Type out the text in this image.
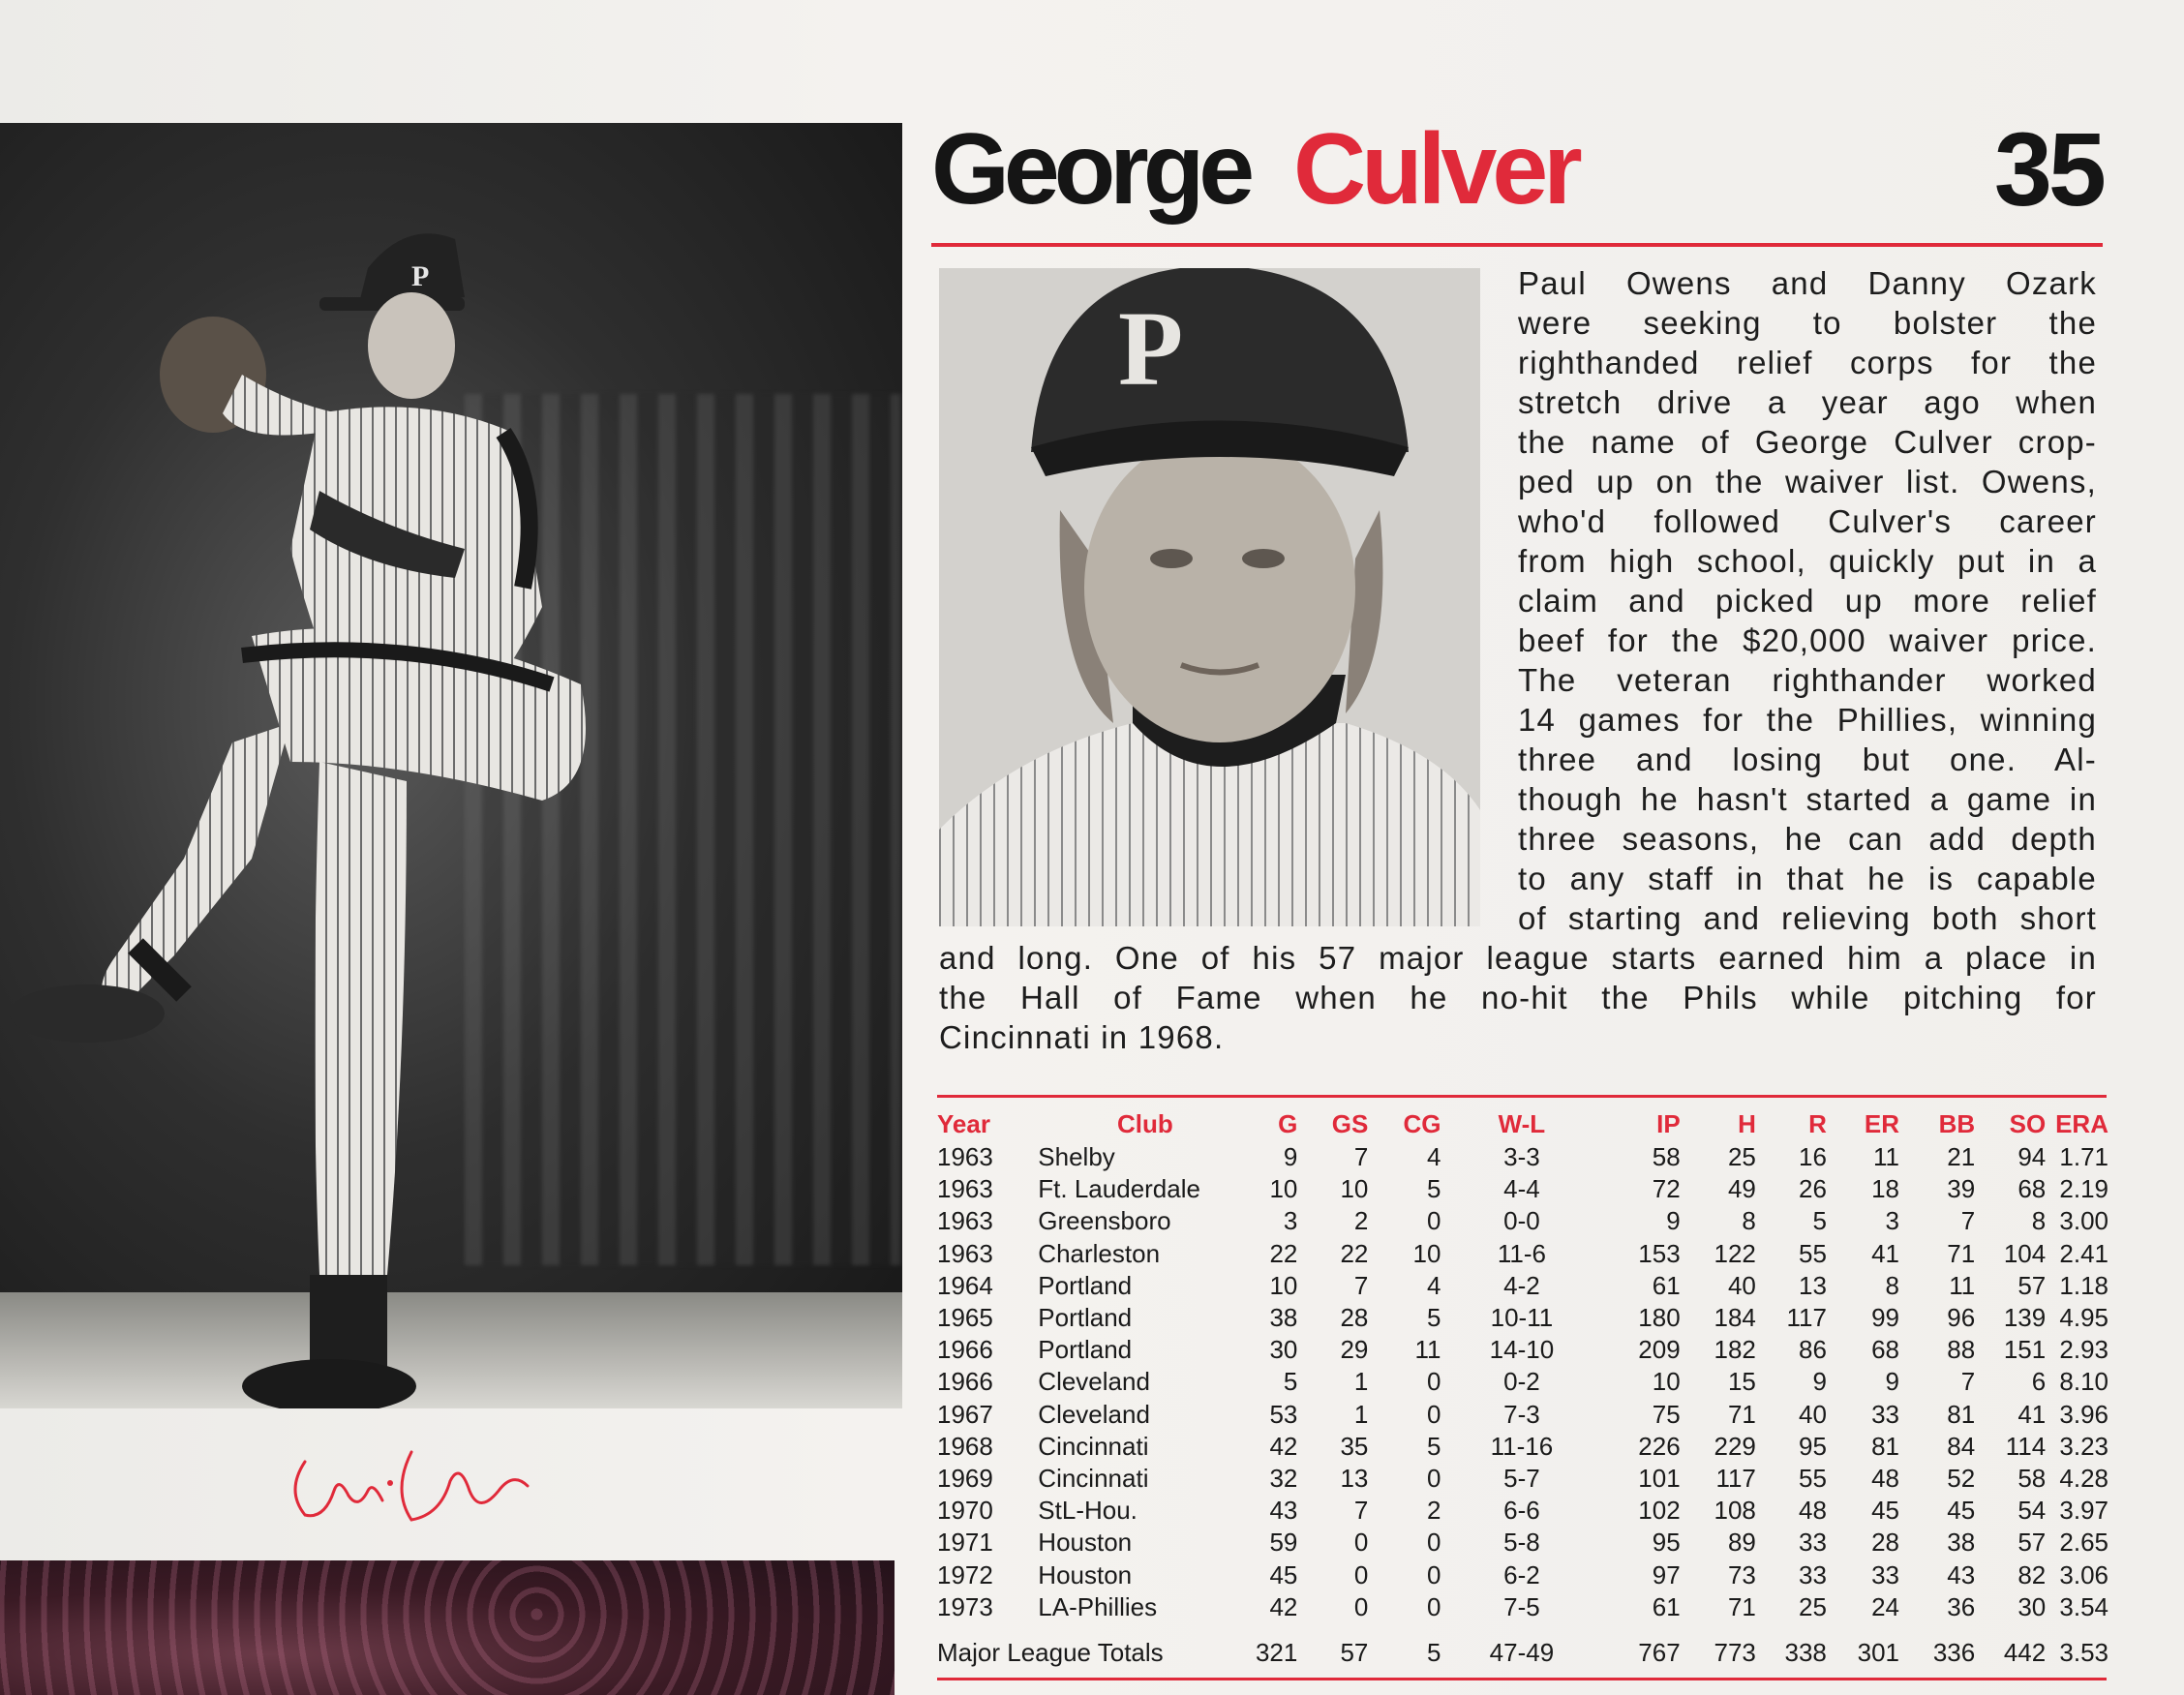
P
George Culver	35
P
Paul Owens and Danny Ozark
were seeking to bolster the
righthanded relief corps for the
stretch drive a year ago when
the name of George Culver crop-
ped up on the waiver list. Owens,
who'd followed Culver's career
from high school, quickly put in a
claim and picked up more relief
beef for the $20,000 waiver price.
The veteran righthander worked
14 games for the Phillies, winning
three and losing but one. Al-
though he hasn't started a game in
three seasons, he can add depth
to any staff in that he is capable
of starting and relieving both short
and long. One of his 57 major league starts earned him a place in
the Hall of Fame when he no-hit the Phils while pitching for
Cincinnati in 1968.
Year	Club	G	GS	CG	W-L	IP	H	R	ER	BB	SO	ERA
1963	Shelby	9	7	4	3-3	58	25	16	11	21	94	1.71
1963	Ft. Lauderdale	10	10	5	4-4	72	49	26	18	39	68	2.19
1963	Greensboro	3	2	0	0-0	9	8	5	3	7	8	3.00
1963	Charleston	22	22	10	11-6	153	122	55	41	71	104	2.41
1964	Portland	10	7	4	4-2	61	40	13	8	11	57	1.18
1965	Portland	38	28	5	10-11	180	184	117	99	96	139	4.95
1966	Portland	30	29	11	14-10	209	182	86	68	88	151	2.93
1966	Cleveland	5	1	0	0-2	10	15	9	9	7	6	8.10
1967	Cleveland	53	1	0	7-3	75	71	40	33	81	41	3.96
1968	Cincinnati	42	35	5	11-16	226	229	95	81	84	114	3.23
1969	Cincinnati	32	13	0	5-7	101	117	55	48	52	58	4.28
1970	StL-Hou.	43	7	2	6-6	102	108	48	45	45	54	3.97
1971	Houston	59	0	0	5-8	95	89	33	28	38	57	2.65
1972	Houston	45	0	0	6-2	97	73	33	33	43	82	3.06
1973	LA-Phillies	42	0	0	7-5	61	71	25	24	36	30	3.54
Major League Totals		321	57	5	47-49	767	773	338	301	336	442	3.53
